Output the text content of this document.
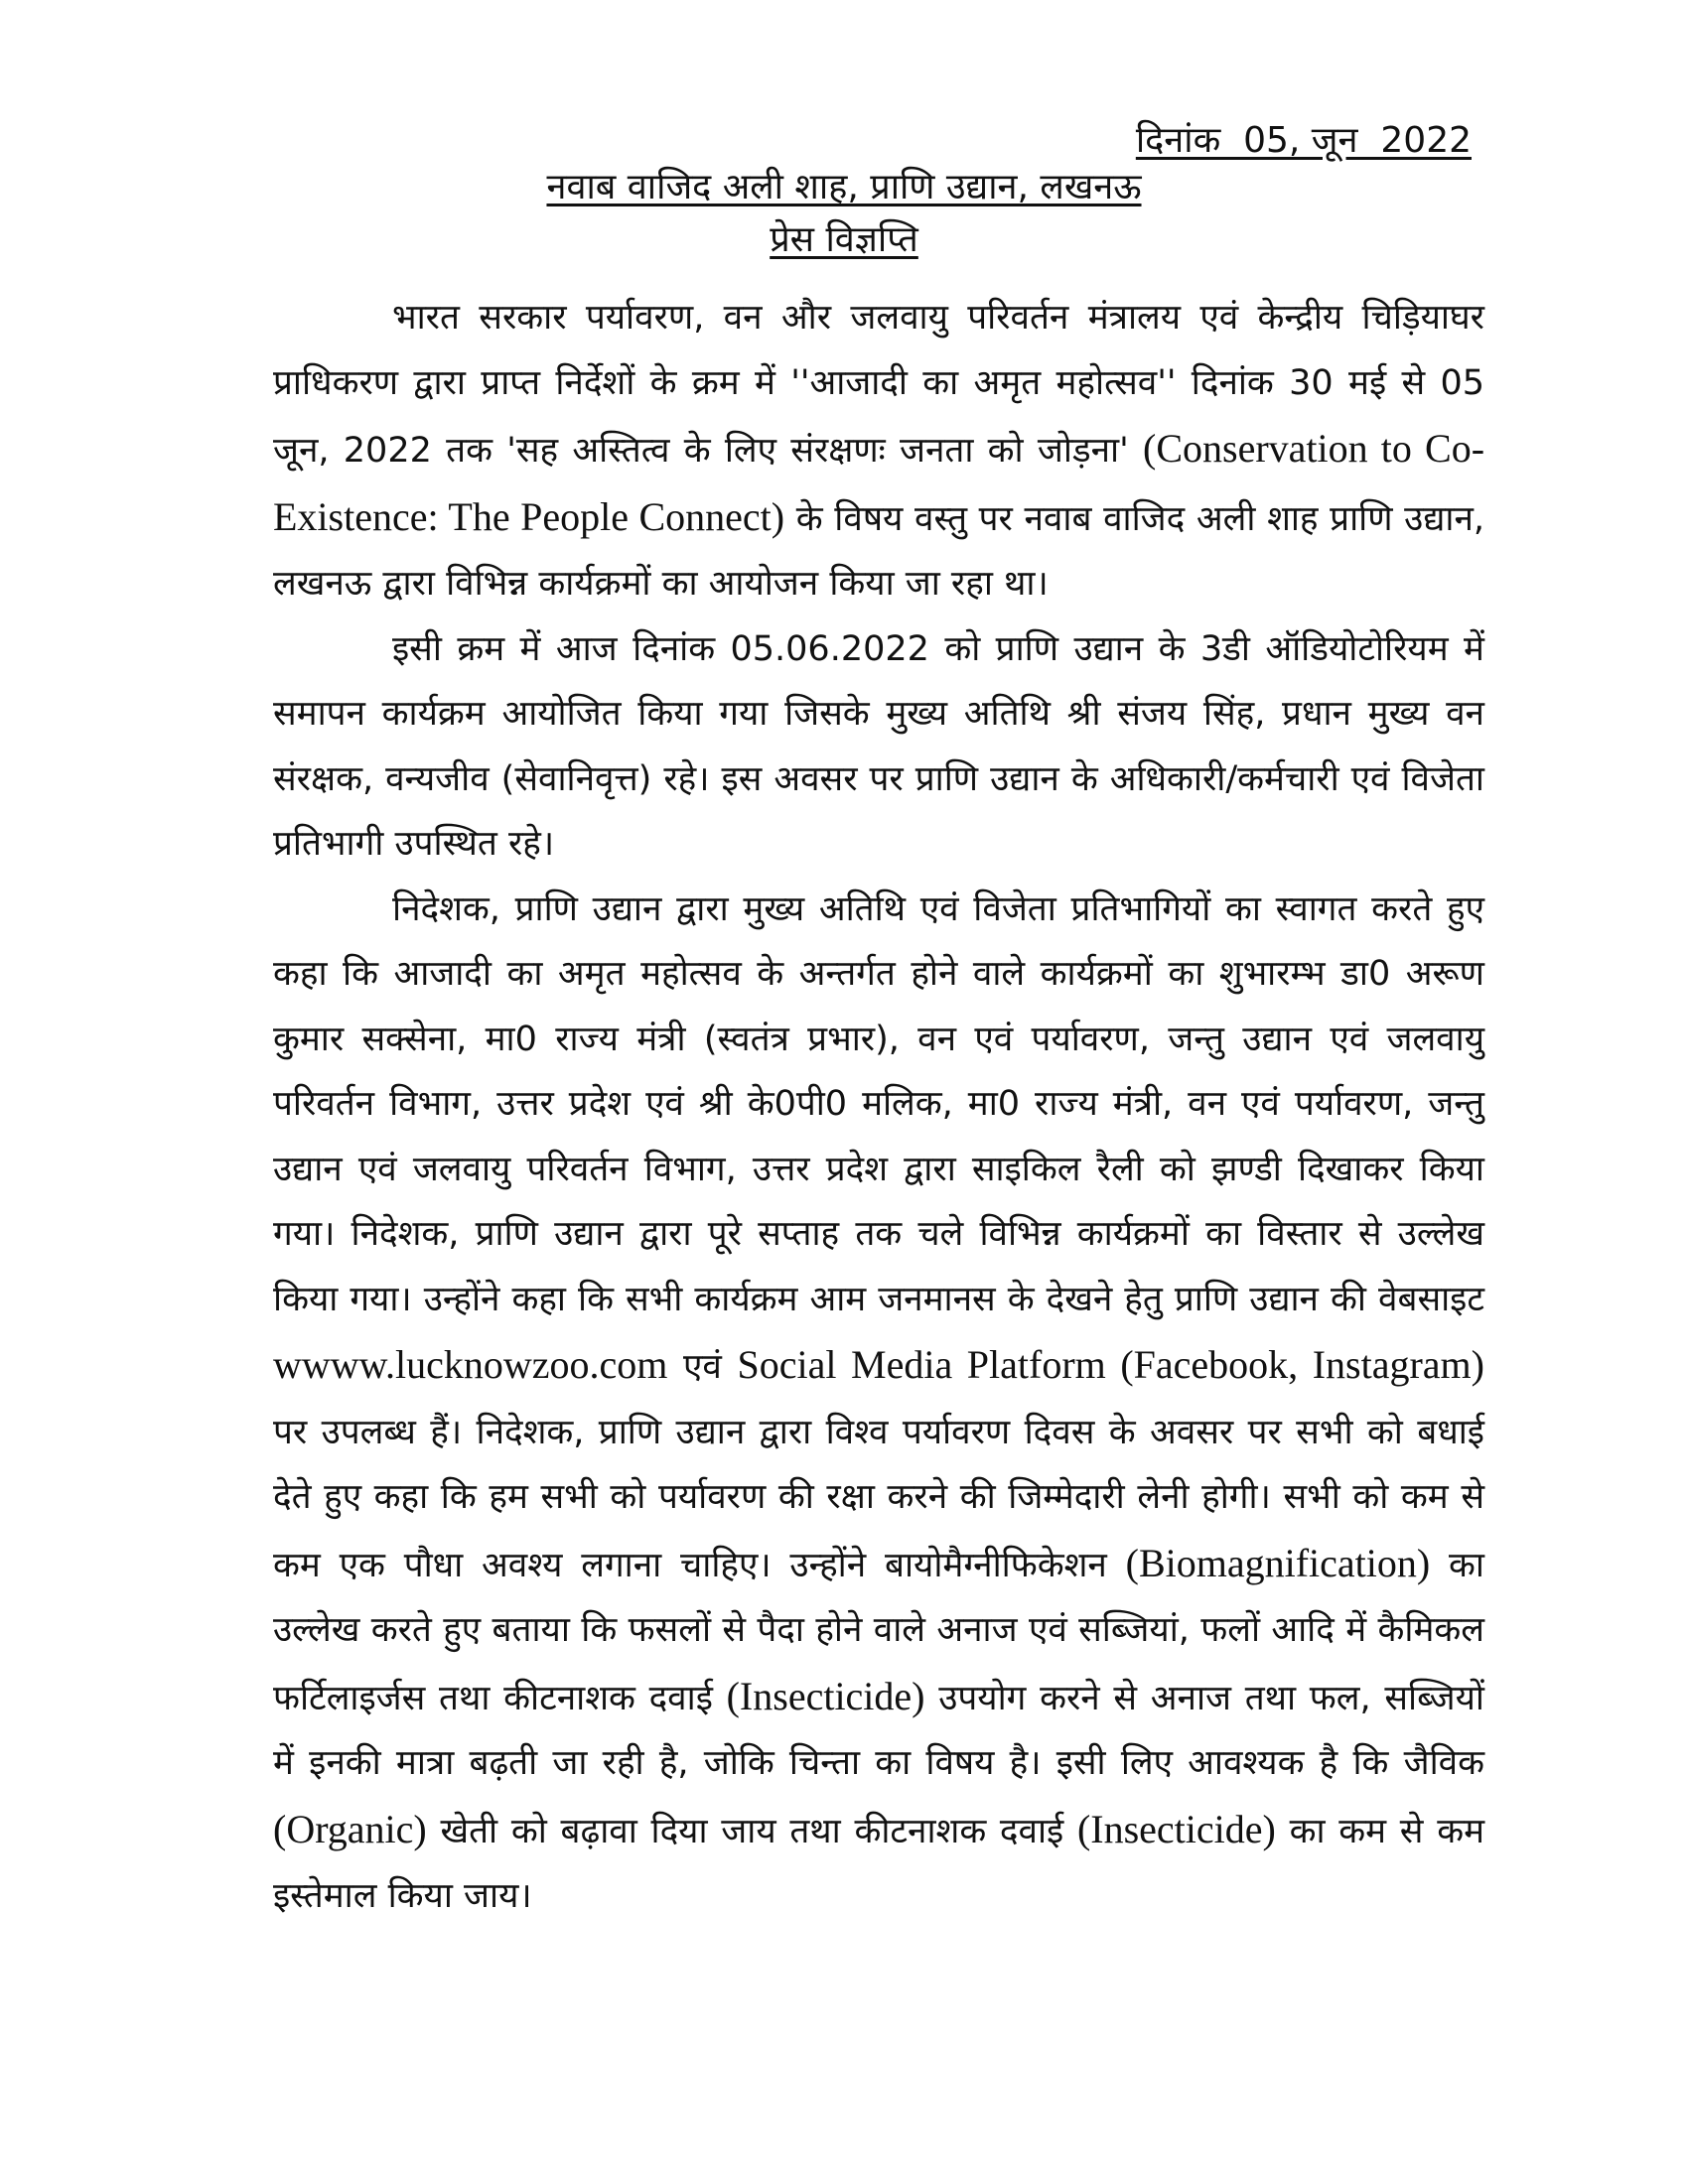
दिनांक  05, जून  2022

नवाब वाजिद अली शाह, प्राणि उद्यान, लखनऊ
प्रेस विज्ञप्ति

भारत सरकार पर्यावरण, वन और जलवायु परिवर्तन मंत्रालय एवं केन्द्रीय चिड़ियाघर प्राधिकरण द्वारा प्राप्त निर्देशों के क्रम में ''आजादी का अमृत महोत्सव'' दिनांक 30 मई से 05 जून, 2022 तक 'सह अस्तित्व के लिए संरक्षणः जनता को जोड़ना' (Conservation to Co-Existence: The People Connect) के विषय वस्तु पर नवाब वाजिद अली शाह प्राणि उद्यान, लखनऊ द्वारा विभिन्न कार्यक्रमों का आयोजन किया जा रहा था।

इसी क्रम में आज दिनांक 05.06.2022 को प्राणि उद्यान के 3डी ऑडियोटोरियम में समापन कार्यक्रम आयोजित किया गया जिसके मुख्य अतिथि श्री संजय सिंह, प्रधान मुख्य वन संरक्षक, वन्यजीव (सेवानिवृत्त) रहे। इस अवसर पर प्राणि उद्यान के अधिकारी/कर्मचारी एवं विजेता प्रतिभागी उपस्थित रहे।

निदेशक, प्राणि उद्यान द्वारा मुख्य अतिथि एवं विजेता प्रतिभागियों का स्वागत करते हुए कहा कि आजादी का अमृत महोत्सव के अन्तर्गत होने वाले कार्यक्रमों का शुभारम्भ डा0 अरूण कुमार सक्सेना, मा0 राज्य मंत्री (स्वतंत्र प्रभार), वन एवं पर्यावरण, जन्तु उद्यान एवं जलवायु परिवर्तन विभाग, उत्तर प्रदेश एवं श्री के0पी0 मलिक, मा0 राज्य मंत्री, वन एवं पर्यावरण, जन्तु उद्यान एवं जलवायु परिवर्तन विभाग, उत्तर प्रदेश द्वारा साइकिल रैली को झण्डी दिखाकर किया गया। निदेशक, प्राणि उद्यान द्वारा पूरे सप्ताह तक चले विभिन्न कार्यक्रमों का विस्तार से उल्लेख किया गया। उन्होंने कहा कि सभी कार्यक्रम आम जनमानस के देखने हेतु प्राणि उद्यान की वेबसाइट wwww.lucknowzoo.com एवं Social Media Platform (Facebook, Instagram) पर उपलब्ध हैं। निदेशक, प्राणि उद्यान द्वारा विश्व पर्यावरण दिवस के अवसर पर सभी को बधाई देते हुए कहा कि हम सभी को पर्यावरण की रक्षा करने की जिम्मेदारी लेनी होगी। सभी को कम से कम एक पौधा अवश्य लगाना चाहिए। उन्होंने बायोमैग्नीफिकेशन (Biomagnification) का उल्लेख करते हुए बताया कि फसलों से पैदा होने वाले अनाज एवं सब्जियां, फलों आदि में कैमिकल फर्टिलाइर्जस तथा कीटनाशक दवाई (Insecticide) उपयोग करने से अनाज तथा फल, सब्जियों में इनकी मात्रा बढ़ती जा रही है, जोकि चिन्ता का विषय है। इसी लिए आवश्यक है कि जैविक (Organic) खेती को बढ़ावा दिया जाय तथा कीटनाशक दवाई (Insecticide) का कम से कम इस्तेमाल किया जाय।
